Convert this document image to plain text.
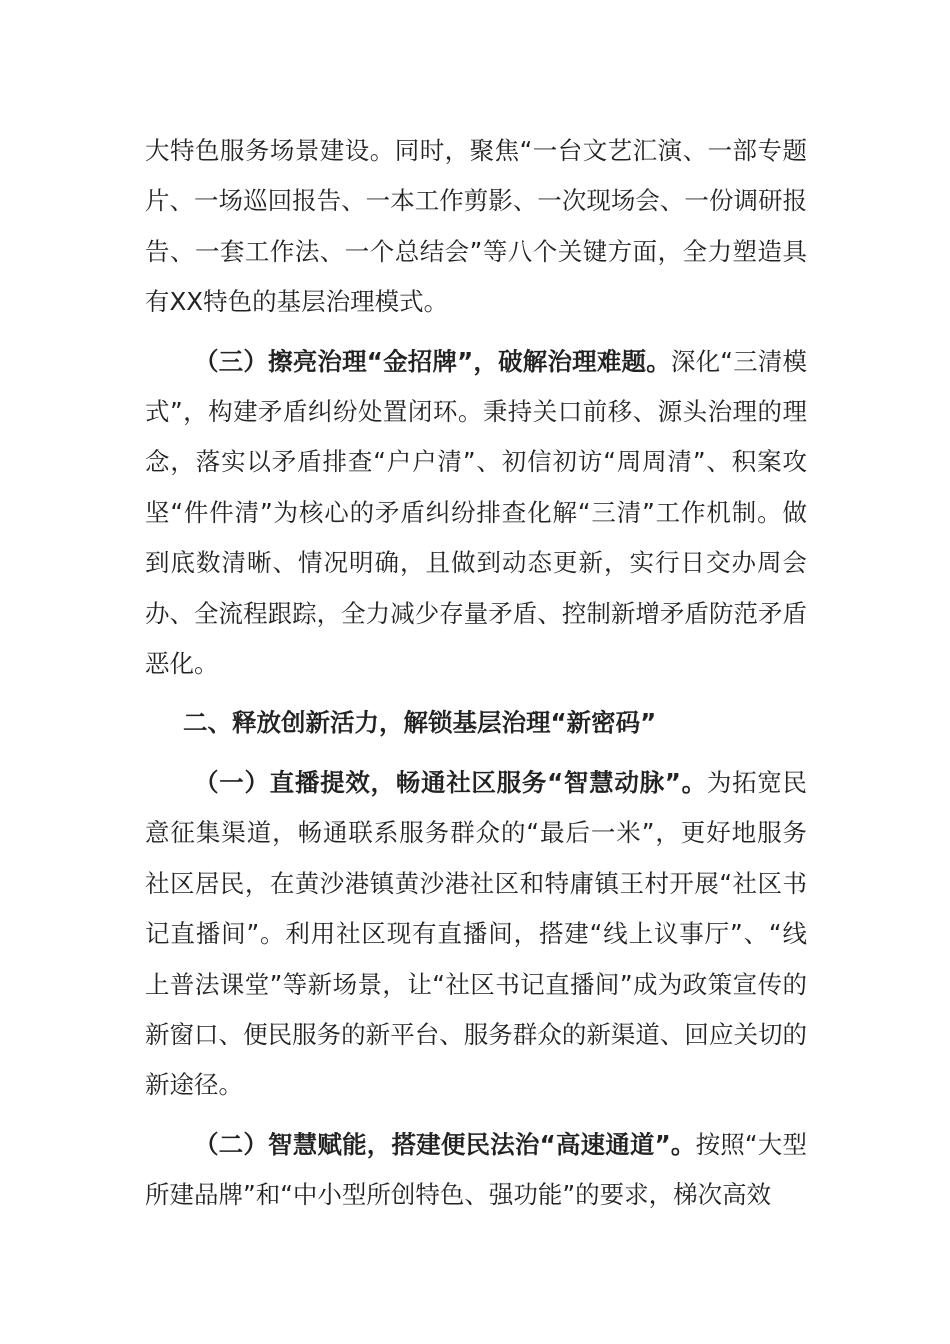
大特色服务场景建设。同时，聚焦“一台文艺汇演、一部专题片、一场巡回报告、一本工作剪影、一次现场会、一份调研报告、一套工作法、一个总结会”等八个关键方面，全力塑造具有XX特色的基层治理模式。

（三）擦亮治理“金招牌”，破解治理难题。深化“三清模式”，构建矛盾纠纷处置闭环。秉持关口前移、源头治理的理念，落实以矛盾排查“户户清”、初信初访“周周清”、积案攻坚“件件清”为核心的矛盾纠纷排查化解“三清”工作机制。做到底数清晰、情况明确，且做到动态更新，实行日交办周会办、全流程跟踪，全力减少存量矛盾、控制新增矛盾防范矛盾恶化。

二、释放创新活力，解锁基层治理“新密码”

（一）直播提效，畅通社区服务“智慧动脉”。为拓宽民意征集渠道，畅通联系服务群众的“最后一米”，更好地服务社区居民，在黄沙港镇黄沙港社区和特庸镇王村开展“社区书记直播间”。利用社区现有直播间，搭建“线上议事厅”、“线上普法课堂”等新场景，让“社区书记直播间”成为政策宣传的新窗口、便民服务的新平台、服务群众的新渠道、回应关切的新途径。

（二）智慧赋能，搭建便民法治“高速通道”。按照“大型所建品牌”和“中小型所创特色、强功能”的要求，梯次高效
